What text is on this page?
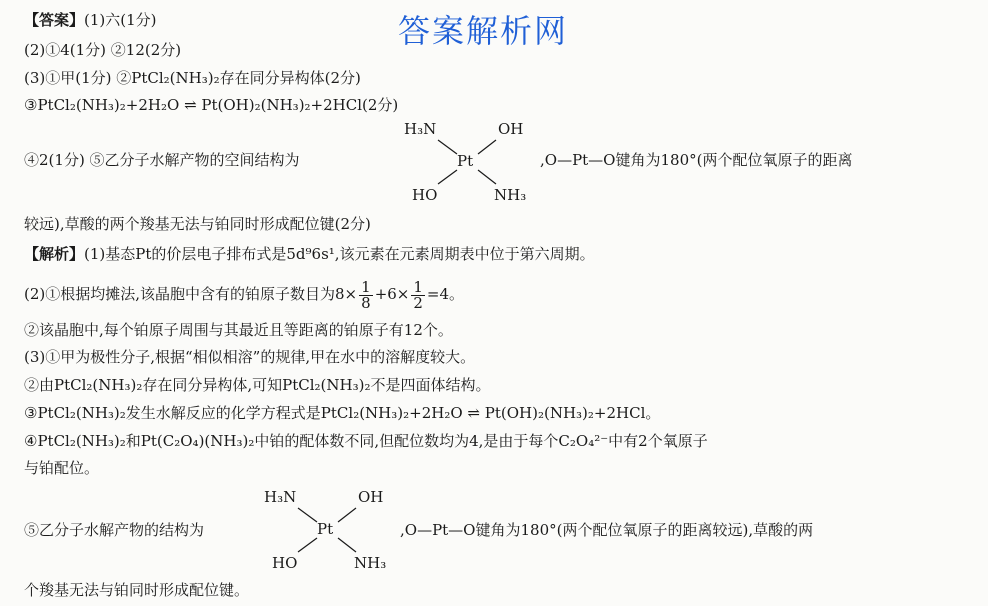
答案解析网
【答案】(1)六(1分)
(2)①4(1分) ②12(2分)
(3)①甲(1分) ②PtCl₂(NH₃)₂存在同分异构体(2分)
③PtCl₂(NH₃)₂+2H₂O ⇌ Pt(OH)₂(NH₃)₂+2HCl(2分)
④2(1分) ⑤乙分子水解产物的空间结构为
H₃N	OH
Pt
HO	NH₃
,O—Pt—O键角为180°(两个配位氧原子的距离
较远),草酸的两个羧基无法与铂同时形成配位键(2分)
【解析】(1)基态Pt的价层电子排布式是5d⁹6s¹,该元素在元素周期表中位于第六周期。
(2)①根据均摊法,该晶胞中含有的铂原子数目为$8\times \frac{1}{8} +6\times \frac{1}{2} =4$。
②该晶胞中,每个铂原子周围与其最近且等距离的铂原子有12个。
(3)①甲为极性分子,根据“相似相溶”的规律,甲在水中的溶解度较大。
②由PtCl₂(NH₃)₂存在同分异构体,可知PtCl₂(NH₃)₂不是四面体结构。
③PtCl₂(NH₃)₂发生水解反应的化学方程式是PtCl₂(NH₃)₂+2H₂O ⇌ Pt(OH)₂(NH₃)₂+2HCl。
④PtCl₂(NH₃)₂和Pt(C₂O₄)(NH₃)₂中铂的配体数不同,但配位数均为4,是由于每个C₂O₄²⁻中有2个氧原子
与铂配位。
⑤乙分子水解产物的结构为
H₃N	OH
Pt
HO	NH₃
,O—Pt—O键角为180°(两个配位氧原子的距离较远),草酸的两
个羧基无法与铂同时形成配位键。
